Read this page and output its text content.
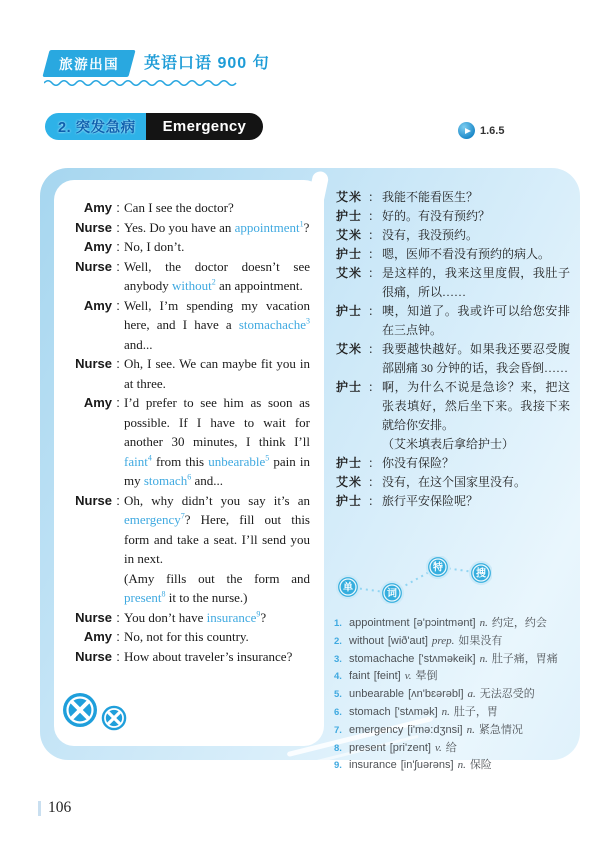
旅游出国 英语口语 900 句
2. 突发急病	Emergency	1.6.5
Amy : Can I see the doctor?
Nurse : Yes. Do you have an appointment$^1$?
Amy : No, I don’t.
Nurse : Well, the doctor doesn’t see anybody without$^2$ an appointment.
Amy : Well, I’m spending my vacation here, and I have a stomachache$^3$ and...
Nurse : Oh, I see. We can maybe fit you in at three.
Amy : I’d prefer to see him as soon as possible. If I have to wait for another 30 minutes, I think I’ll faint$^4$ from this unbearable$^5$ pain in my stomach$^6$ and...
Nurse : Oh, why didn’t you say it’s an emergency$^7$? Here, fill out this form and take a seat. I’ll send you in next.
(Amy fills out the form and present$^8$ it to the nurse.)
Nurse : You don’t have insurance$^9$?
Amy : No, not for this country.
Nurse : How about traveler’s insurance?
艾米 ： 我能不能看医生？
护士 ： 好的。有没有预约？
艾米 ： 没有，我没预约。
护士 ： 嗯，医师不看没有预约的病人。
艾米 ： 是这样的，我来这里度假，我肚子很痛，所以……
护士 ： 噢，知道了。我或许可以给您安排在三点钟。
艾米 ： 我要越快越好。如果我还要忍受腹部剧痛 30 分钟的话，我会昏倒……
护士 ： 啊，为什么不说是急诊？来，把这张表填好，然后坐下来。我接下来就给你安排。
（艾米填表后拿给护士）
护士 ： 你没有保险？
艾米 ： 没有，在这个国家里没有。
护士 ： 旅行平安保险呢？
单
词
特
搜
1. appointment [ə'pɔintmənt] n. 约定，约会
2. without [wið'aut] prep. 如果没有
3. stomachache ['stʌməkeik] n. 肚子痛，胃痛
4. faint [feint] v. 晕倒
5. unbearable [ʌn'bɛərəbl] a. 无法忍受的
6. stomach ['stʌmək] n. 肚子，胃
7. emergency [i'mə:dʒnsi] n. 紧急情况
8. present [pri'zent] v. 给
9. insurance [in'ʃuərəns] n. 保险
106
